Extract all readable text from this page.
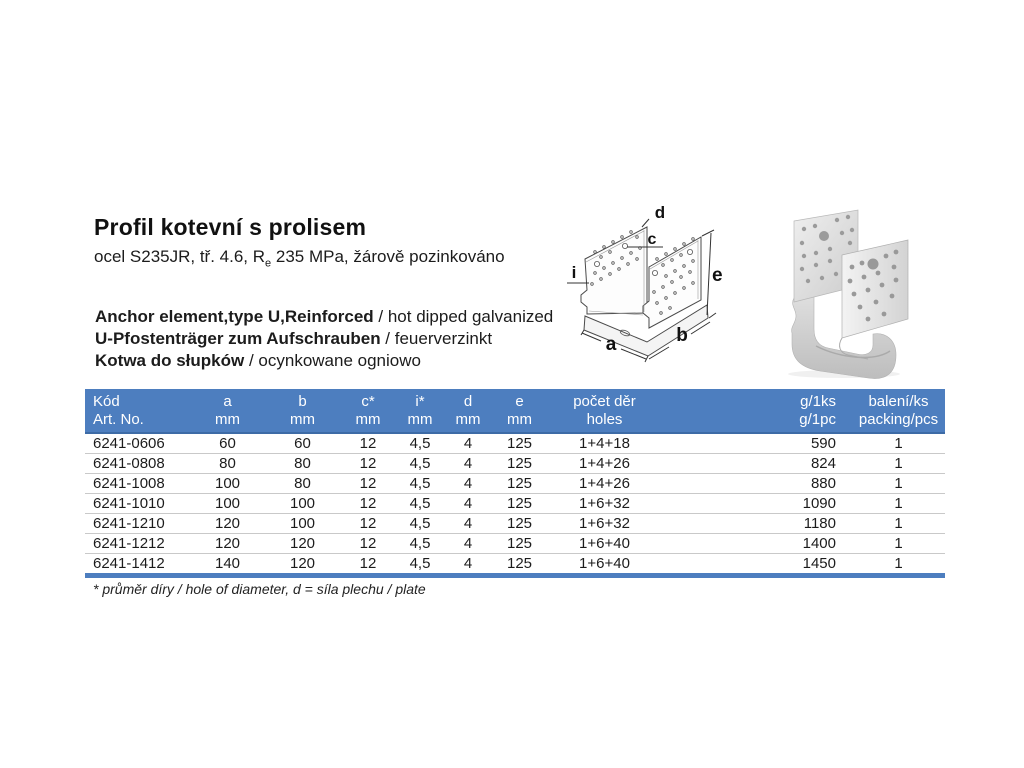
Profil kotevní s prolisem
ocel S235JR, tř. 4.6, $R_e$ 235 MPa, žárově pozinkováno
Anchor element,type U,Reinforced / hot dipped galvanized
U-Pfostenträger zum Aufschrauben / feuerverzinkt
Kotwa do słupków / ocynkowane ogniowo
d
c
i	e
a	b
Kód
Art. No.

a
mm

b
mm

c*
mm

i*
mm

d
mm

e
mm

počet děr
holes

g/1ks
g/1pc

balení/ks
packing/pcs

6241-0606	60	60	12	4,5	4	125	1+4+18	590	1
6241-0808	80	80	12	4,5	4	125	1+4+26	824	1
6241-1008	100	80	12	4,5	4	125	1+4+26	880	1
6241-1010	100	100	12	4,5	4	125	1+6+32	1090	1
6241-1210	120	100	12	4,5	4	125	1+6+32	1180	1
6241-1212	120	120	12	4,5	4	125	1+6+40	1400	1
6241-1412	140	120	12	4,5	4	125	1+6+40	1450	1
* průměr díry / hole of diameter, d = síla plechu / plate
